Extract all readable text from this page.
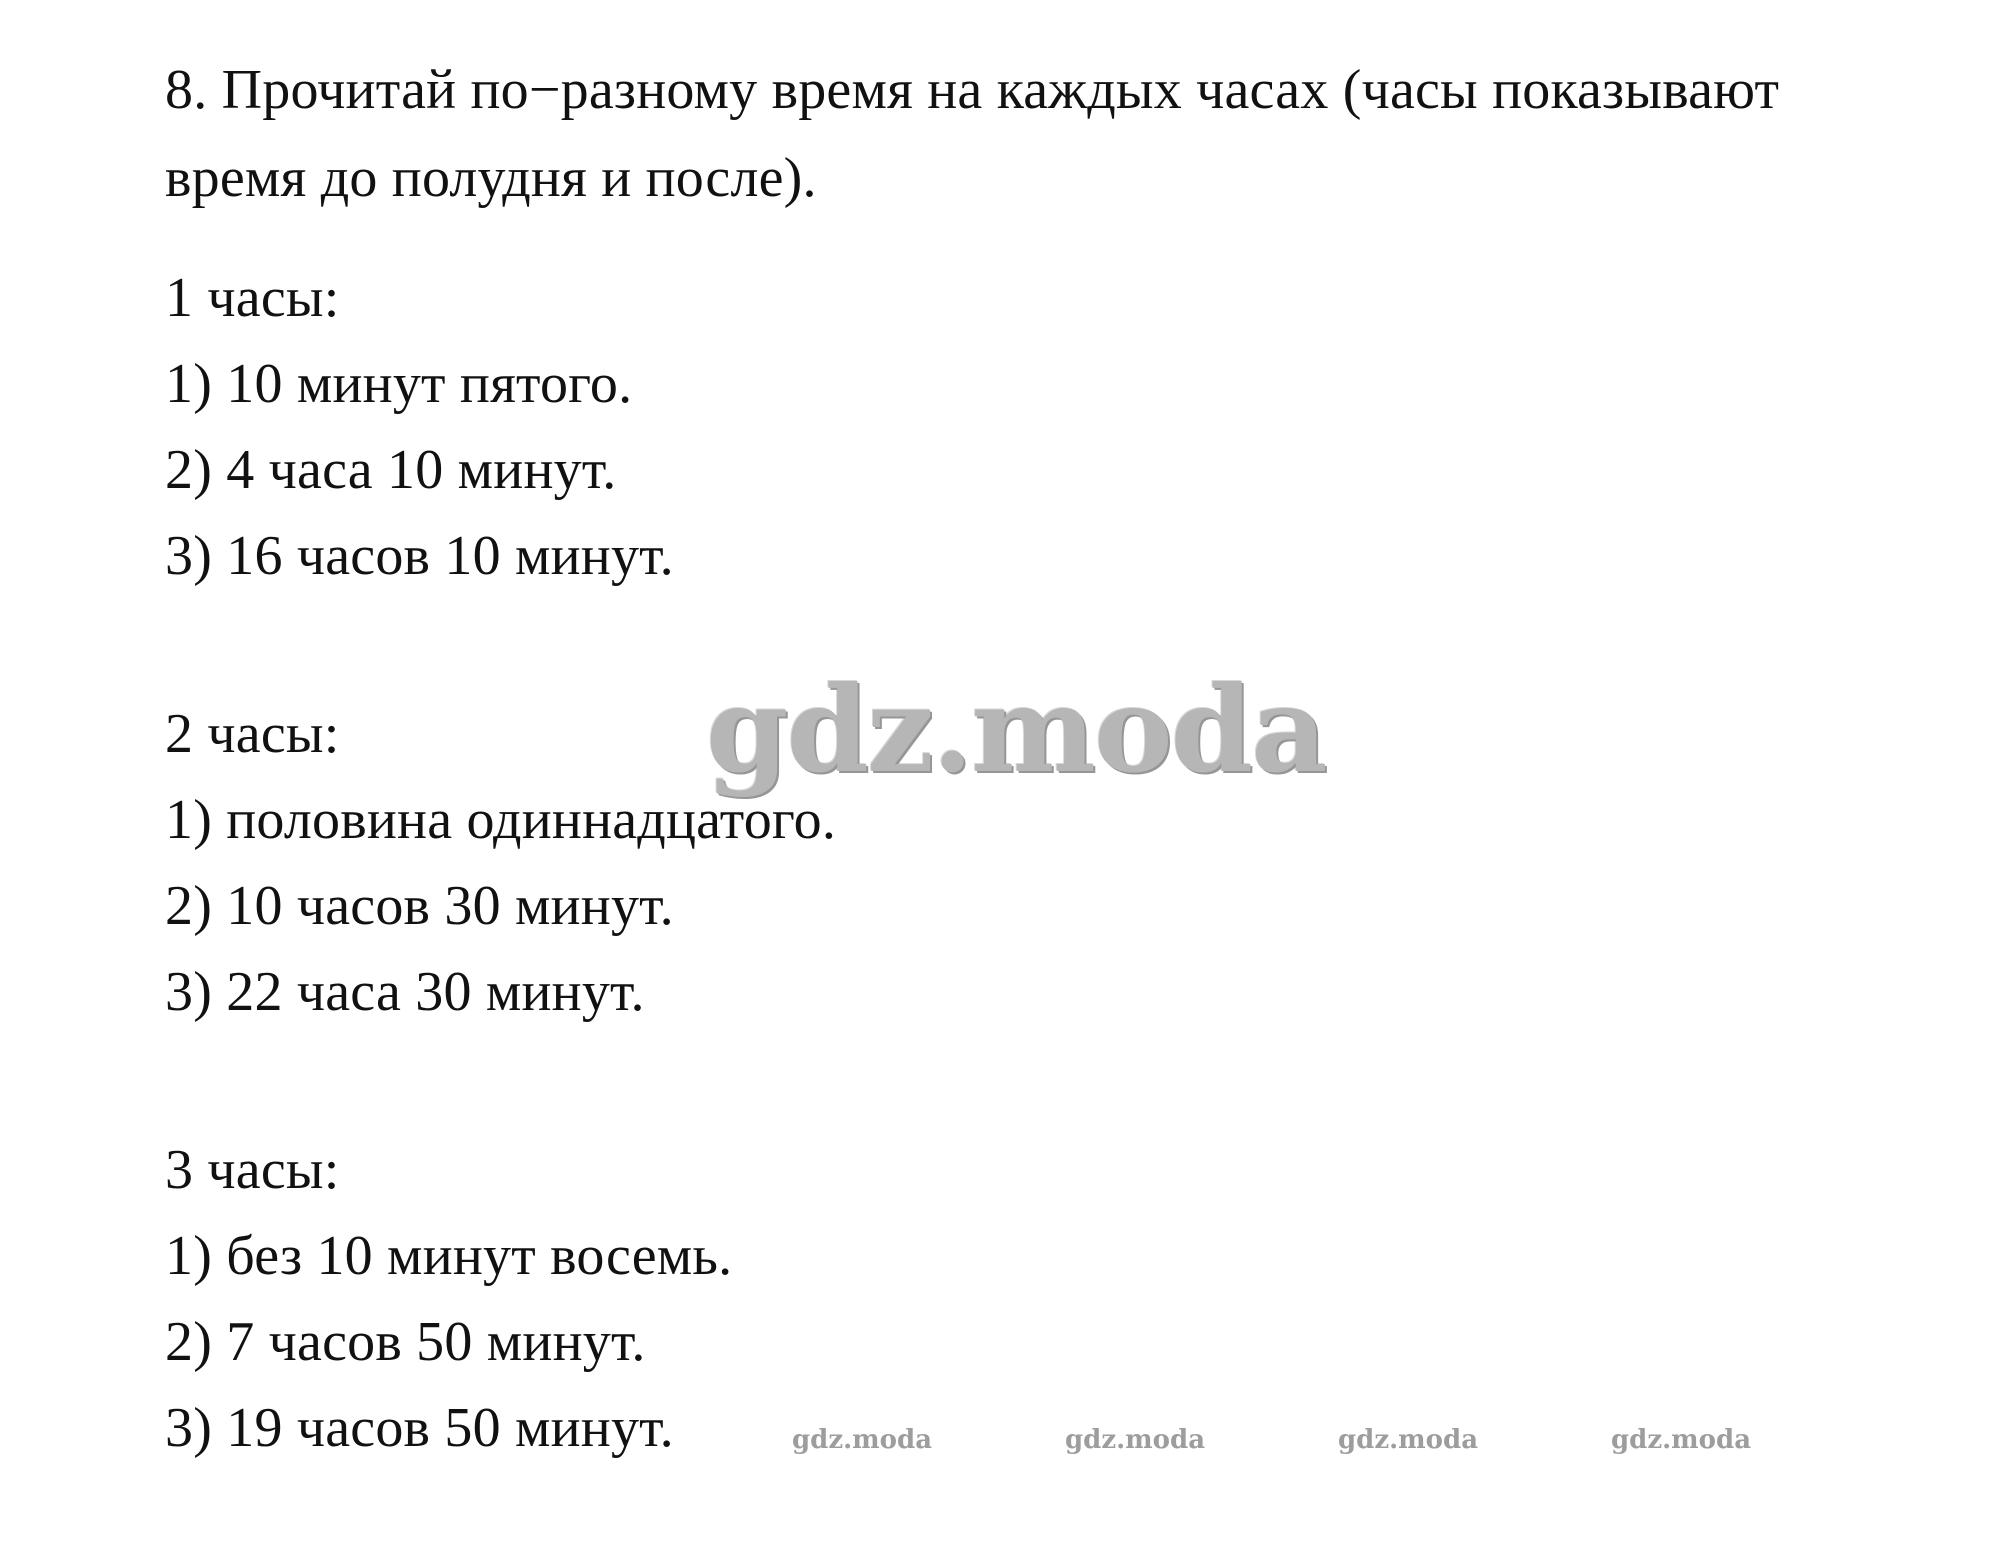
8. Прочитай по−разному время на каждых часах (часы показывают
время до полудня и после).
1 часы:
1) 10 минут пятого.
2) 4 часа 10 минут.
3) 16 часов 10 минут.
2 часы:
1) половина одиннадцатого.
2) 10 часов 30 минут.
3) 22 часа 30 минут.
3 часы:
1) без 10 минут восемь.
2) 7 часов 50 минут.
3) 19 часов 50 минут.
gdz.moda
gdz.moda	gdz.moda	gdz.moda	gdz.moda
